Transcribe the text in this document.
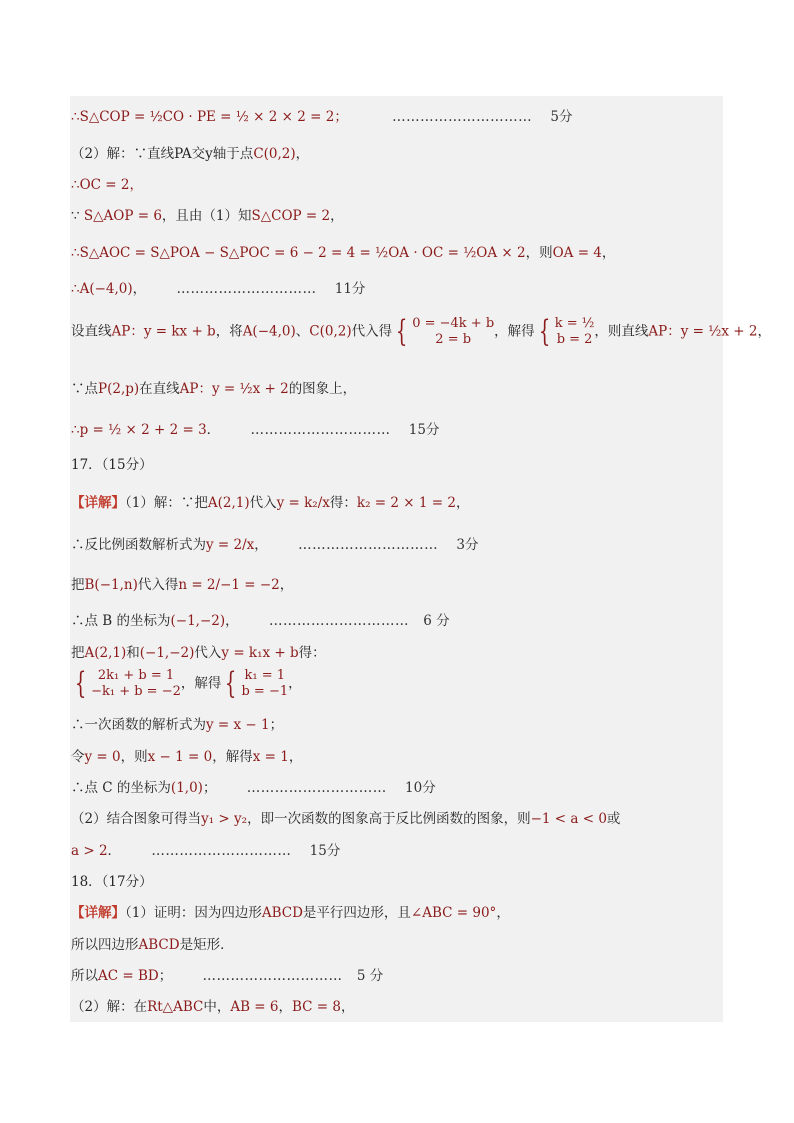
∴S△COP = ½CO · PE = ½ × 2 × 2 = 2；	………………………… 5分
（2）解：∵直线PA交y轴于点C(0,2)，
∴OC = 2，
∵ S△AOP = 6，且由（1）知S△COP = 2，
∴S△AOC = S△POA − S△POC = 6 − 2 = 4 = ½OA · OC = ½OA × 2，则OA = 4，
∴A(−4,0)， ………………………… 11分
设直线AP：y = kx + b，将A(−4,0)、C(0,2)代入得 { 0 = −4k + b
2 = b	，解得 { k = ½
b = 2 ，则直线AP：y = ½x + 2，
∵点P(2,p)在直线AP：y = ½x + 2的图象上，
∴p = ½ × 2 + 2 = 3． ………………………… 15分
17．（15分）
【详解】（1）解：∵把A(2,1)代入y = k₂/x得：k₂ = 2 × 1 = 2，
∴反比例函数解析式为y = 2/x， ………………………… 3分
把B(−1,n)代入得n = 2/−1 = −2，
∴点 B 的坐标为(−1,−2)， ………………………… 6 分
把A(2,1)和(−1,−2)代入y = k₁x + b得：
{ 2k₁ + b = 1
−k₁ + b = −2 ，解得 { k₁ = 1
b = −1 ，
∴一次函数的解析式为y = x − 1；
令y = 0，则x − 1 = 0，解得x = 1，
∴点 C 的坐标为(1,0)； ………………………… 10分
（2）结合图象可得当y₁ > y₂，即一次函数的图象高于反比例函数的图象，则−1 < a < 0或
a > 2． ………………………… 15分
18．（17分）
【详解】（1）证明：因为四边形ABCD是平行四边形，且∠ABC = 90°，
所以四边形ABCD是矩形．
所以AC = BD； ………………………… 5 分
（2）解：在Rt△ABC中，AB = 6，BC = 8，
